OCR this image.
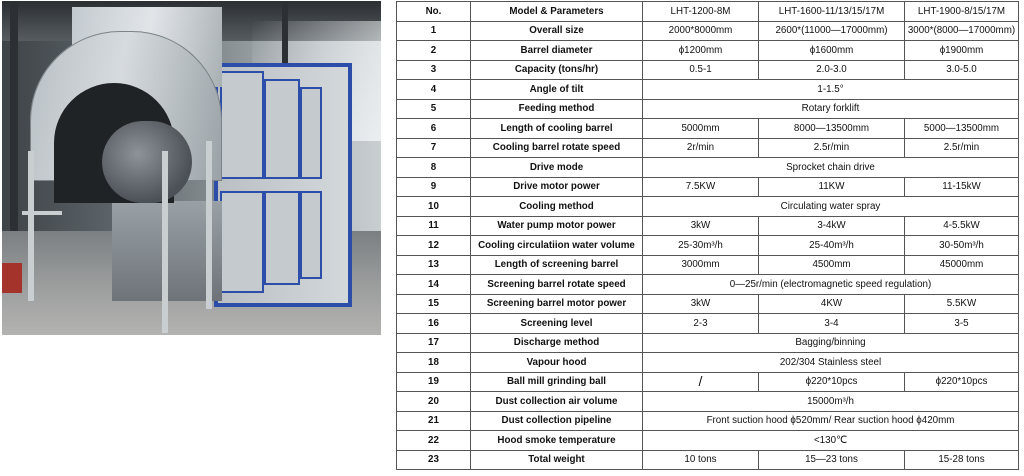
No.	Model & Parameters	LHT-1200-8M	LHT-1600-11/13/15/17M	LHT-1900-8/15/17M
1	Overall size	2000*8000mm	2600*(11000—17000mm)	3000*(8000—17000mm)
2	Barrel diameter	ϕ1200mm	ϕ1600mm	ϕ1900mm
3	Capacity (tons/hr)	0.5-1	2.0-3.0	3.0-5.0
4	Angle of tilt	1-1.5°		
5	Feeding method	Rotary forklift		
6	Length of cooling barrel	5000mm	8000—13500mm	5000—13500mm
7	Cooling barrel rotate speed	2r/min	2.5r/min	2.5r/min
8	Drive mode	Sprocket chain drive		
9	Drive motor power	7.5KW	11KW	11-15kW
10	Cooling method	Circulating water spray		
11	Water pump motor power	3kW	3-4kW	4-5.5kW
12	Cooling circulatiion water volume	25-30m³/h	25-40m³/h	30-50m³/h
13	Length of screening barrel	3000mm	4500mm	45000mm
14	Screening barrel rotate speed	0—25r/min (electromagnetic speed regulation)		
15	Screening barrel motor power	3kW	4KW	5.5KW
16	Screening level	2-3	3-4	3-5
17	Discharge method	Bagging/binning		
18	Vapour hood	202/304 Stainless steel		
19	Ball mill grinding ball	/	ϕ220*10pcs	ϕ220*10pcs
20	Dust collection air volume	15000m³/h		
21	Dust collection pipeline	Front suction hood ϕ520mm/ Rear suction hood ϕ420mm		
22	Hood smoke temperature	<130℃		
23	Total weight	10 tons	15—23 tons	15-28 tons
